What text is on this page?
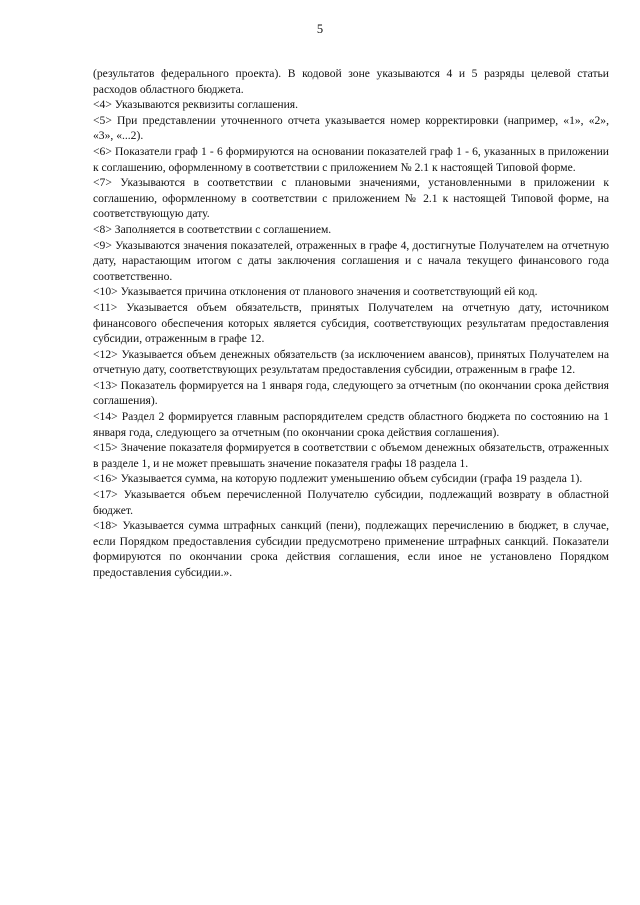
5

(результатов федерального проекта). В кодовой зоне указываются 4 и 5 разряды целевой статьи расходов областного бюджета.

<4> Указываются реквизиты соглашения.

<5> При представлении уточненного отчета указывается номер корректировки (например, «1», «2», «3», «...2).

<6> Показатели граф 1 - 6 формируются на основании показателей граф 1 - 6, указанных в приложении к соглашению, оформленному в соответствии с приложением № 2.1 к настоящей Типовой форме.

<7> Указываются в соответствии с плановыми значениями, установленными в приложении к соглашению, оформленному в соответствии с приложением № 2.1 к настоящей Типовой форме, на соответствующую дату.

<8> Заполняется в соответствии с соглашением.

<9> Указываются значения показателей, отраженных в графе 4, достигнутые Получателем на отчетную дату, нарастающим итогом с даты заключения соглашения и с начала текущего финансового года соответственно.

<10> Указывается причина отклонения от планового значения и соответствующий ей код.

<11> Указывается объем обязательств, принятых Получателем на отчетную дату, источником финансового обеспечения которых является субсидия, соответствующих результатам предоставления субсидии, отраженным в графе 12.

<12> Указывается объем денежных обязательств (за исключением авансов), принятых Получателем на отчетную дату, соответствующих результатам предоставления субсидии, отраженным в графе 12.

<13> Показатель формируется на 1 января года, следующего за отчетным (по окончании срока действия соглашения).

<14> Раздел 2 формируется главным распорядителем средств областного бюджета по состоянию на 1 января года, следующего за отчетным (по окончании срока действия соглашения).

<15> Значение показателя формируется в соответствии с объемом денежных обязательств, отраженных в разделе 1, и не может превышать значение показателя графы 18 раздела 1.

<16> Указывается сумма, на которую подлежит уменьшению объем субсидии (графа 19 раздела 1).

<17> Указывается объем перечисленной Получателю субсидии, подлежащий возврату в областной бюджет.

<18> Указывается сумма штрафных санкций (пени), подлежащих перечислению в бюджет, в случае, если Порядком предоставления субсидии предусмотрено применение штрафных санкций. Показатели формируются по окончании срока действия соглашения, если иное не установлено Порядком предоставления субсидии.».
